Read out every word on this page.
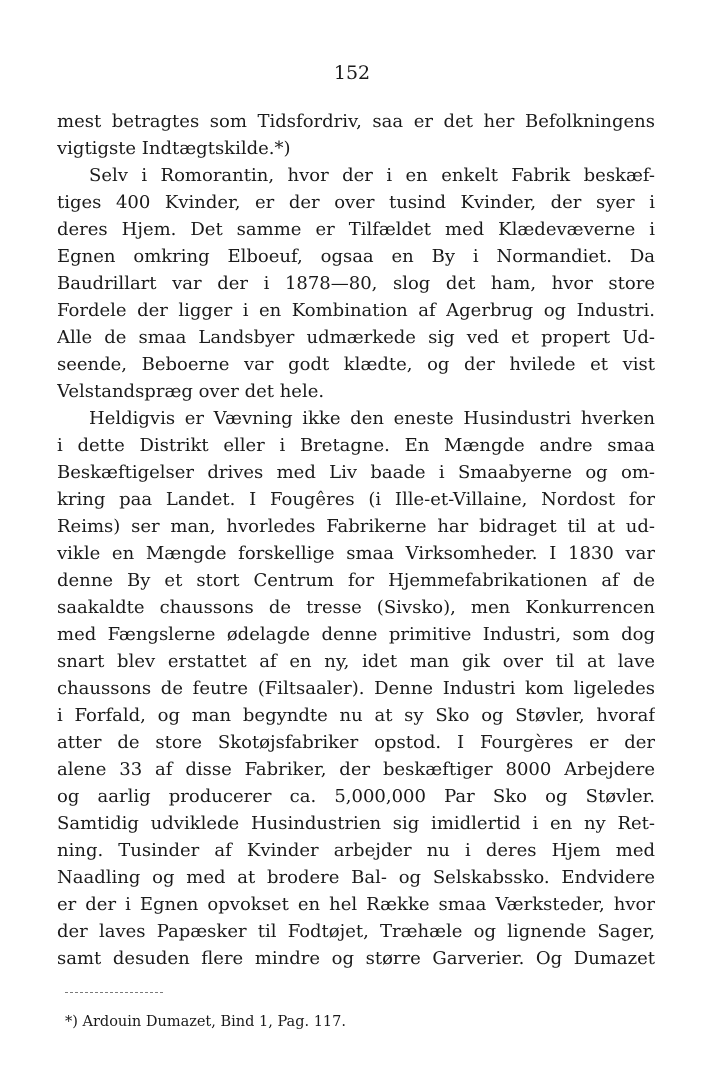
152
mest betragtes som Tidsfordriv, saa er det her Befolkningens
vigtigste Indtægtskilde.*)
Selv i Romorantin, hvor der i en enkelt Fabrik beskæf-
tiges 400 Kvinder, er der over tusind Kvinder, der syer i
deres Hjem. Det samme er Tilfældet med Klædevæverne i
Egnen omkring Elboeuf, ogsaa en By i Normandiet. Da
Baudrillart var der i 1878—80, slog det ham, hvor store
Fordele der ligger i en Kombination af Agerbrug og Industri.
Alle de smaa Landsbyer udmærkede sig ved et propert Ud-
seende, Beboerne var godt klædte, og der hvilede et vist
Velstandspræg over det hele.
Heldigvis er Vævning ikke den eneste Husindustri hverken
i dette Distrikt eller i Bretagne. En Mængde andre smaa
Beskæftigelser drives med Liv baade i Smaabyerne og om-
kring paa Landet. I Fougêres (i Ille-et-Villaine, Nordost for
Reims) ser man, hvorledes Fabrikerne har bidraget til at ud-
vikle en Mængde forskellige smaa Virksomheder. I 1830 var
denne By et stort Centrum for Hjemmefabrikationen af de
saakaldte chaussons de tresse (Sivsko), men Konkurrencen
med Fængslerne ødelagde denne primitive Industri, som dog
snart blev erstattet af en ny, idet man gik over til at lave
chaussons de feutre (Filtsaaler). Denne Industri kom ligeledes
i Forfald, og man begyndte nu at sy Sko og Støvler, hvoraf
atter de store Skotøjsfabriker opstod. I Fourgères er der
alene 33 af disse Fabriker, der beskæftiger 8000 Arbejdere
og aarlig producerer ca. 5,000,000 Par Sko og Støvler.
Samtidig udviklede Husindustrien sig imidlertid i en ny Ret-
ning. Tusinder af Kvinder arbejder nu i deres Hjem med
Naadling og med at brodere Bal- og Selskabssko. Endvidere
er der i Egnen opvokset en hel Række smaa Værksteder, hvor
der laves Papæsker til Fodtøjet, Træhæle og lignende Sager,
samt desuden flere mindre og større Garverier. Og Dumazet
*) Ardouin Dumazet, Bind 1, Pag. 117.
